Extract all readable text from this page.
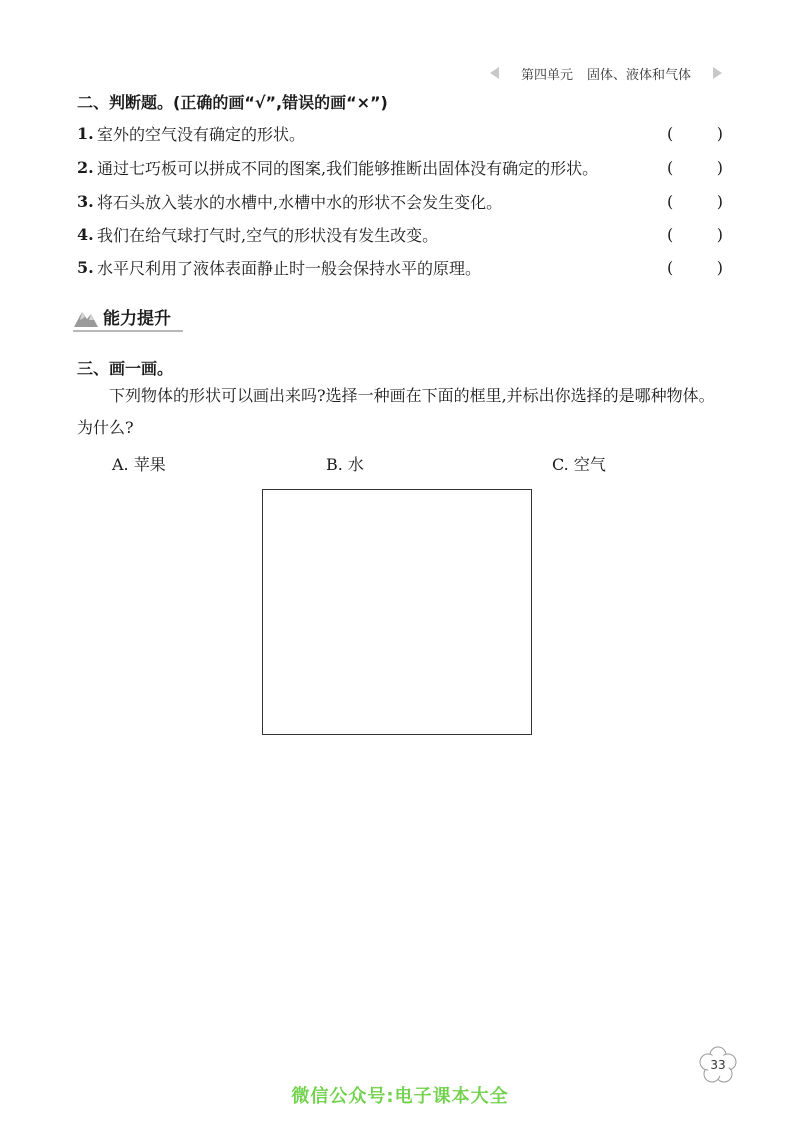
第四单元 固体、液体和气体
二、判断题。(正确的画“√”,错误的画“×”)
1. 室外的空气没有确定的形状。	(	)
2. 通过七巧板可以拼成不同的图案,我们能够推断出固体没有确定的形状。	(	)
3. 将石头放入装水的水槽中,水槽中水的形状不会发生变化。	(	)
4. 我们在给气球打气时,空气的形状没有发生改变。	(	)
5. 水平尺利用了液体表面静止时一般会保持水平的原理。	(	)
能力提升
三、画一画。
下列物体的形状可以画出来吗?选择一种画在下面的框里,并标出你选择的是哪种物体。为什么?
A. 苹果	B. 水	C. 空气
33
微信公众号:电子课本大全
